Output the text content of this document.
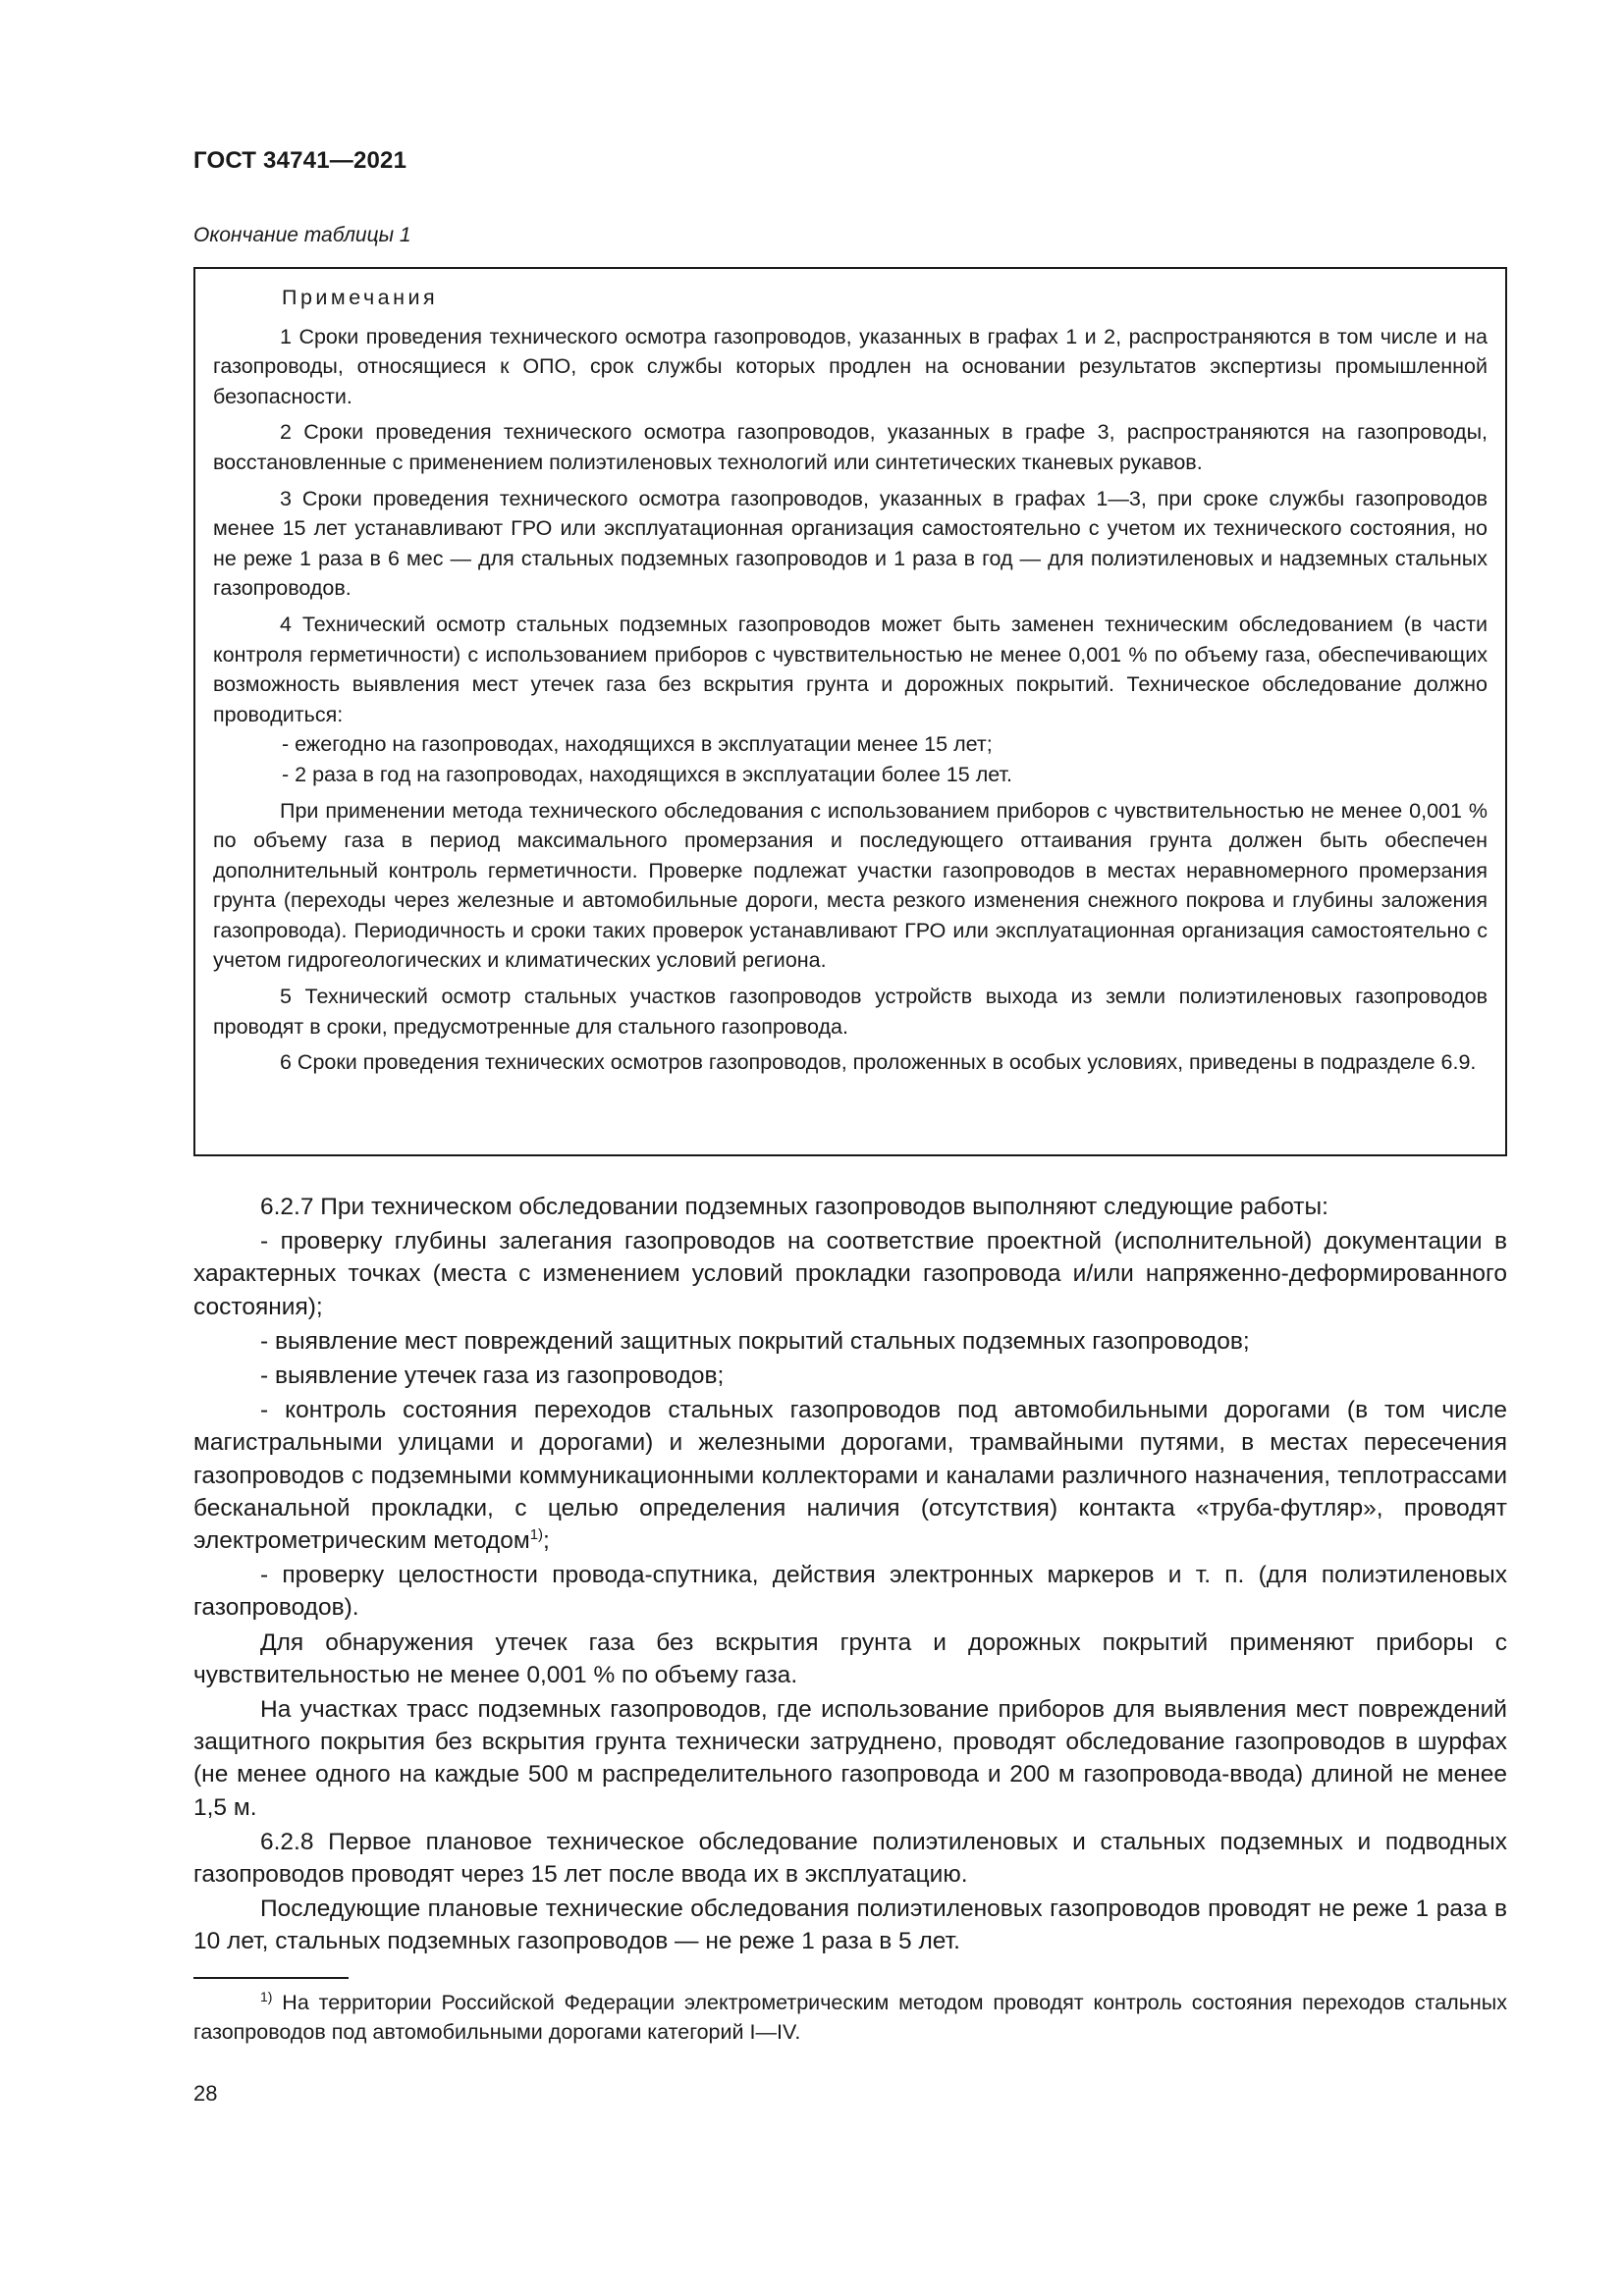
ГОСТ 34741—2021
Окончание таблицы 1
Примечания

1 Сроки проведения технического осмотра газопроводов, указанных в графах 1 и 2, распространяются в том числе и на газопроводы, относящиеся к ОПО, срок службы которых продлен на основании результатов экспертизы промышленной безопасности.

2 Сроки проведения технического осмотра газопроводов, указанных в графе 3, распространяются на газопроводы, восстановленные с применением полиэтиленовых технологий или синтетических тканевых рукавов.

3 Сроки проведения технического осмотра газопроводов, указанных в графах 1—3, при сроке службы газопроводов менее 15 лет устанавливают ГРО или эксплуатационная организация самостоятельно с учетом их технического состояния, но не реже 1 раза в 6 мес — для стальных подземных газопроводов и 1 раза в год — для полиэтиленовых и надземных стальных газопроводов.

4 Технический осмотр стальных подземных газопроводов может быть заменен техническим обследованием (в части контроля герметичности) с использованием приборов с чувствительностью не менее 0,001 % по объему газа, обеспечивающих возможность выявления мест утечек газа без вскрытия грунта и дорожных покрытий. Техническое обследование должно проводиться:

- ежегодно на газопроводах, находящихся в эксплуатации менее 15 лет;
- 2 раза в год на газопроводах, находящихся в эксплуатации более 15 лет.

При применении метода технического обследования с использованием приборов с чувствительностью не менее 0,001 % по объему газа в период максимального промерзания и последующего оттаивания грунта должен быть обеспечен дополнительный контроль герметичности. Проверке подлежат участки газопроводов в местах неравномерного промерзания грунта (переходы через железные и автомобильные дороги, места резкого изменения снежного покрова и глубины заложения газопровода). Периодичность и сроки таких проверок устанавливают ГРО или эксплуатационная организация самостоятельно с учетом гидрогеологических и климатических условий региона.

5 Технический осмотр стальных участков газопроводов устройств выхода из земли полиэтиленовых газопроводов проводят в сроки, предусмотренные для стального газопровода.

6 Сроки проведения технических осмотров газопроводов, проложенных в особых условиях, приведены в подразделе 6.9.

6.2.7 При техническом обследовании подземных газопроводов выполняют следующие работы:

- проверку глубины залегания газопроводов на соответствие проектной (исполнительной) документации в характерных точках (места с изменением условий прокладки газопровода и/или напряженно-деформированного состояния);

- выявление мест повреждений защитных покрытий стальных подземных газопроводов;

- выявление утечек газа из газопроводов;

- контроль состояния переходов стальных газопроводов под автомобильными дорогами (в том числе магистральными улицами и дорогами) и железными дорогами, трамвайными путями, в местах пересечения газопроводов с подземными коммуникационными коллекторами и каналами различного назначения, теплотрассами бесканальной прокладки, с целью определения наличия (отсутствия) контакта «труба-футляр», проводят электрометрическим методом$^{1)}$;

- проверку целостности провода-спутника, действия электронных маркеров и т. п. (для полиэтиленовых газопроводов).

Для обнаружения утечек газа без вскрытия грунта и дорожных покрытий применяют приборы с чувствительностью не менее 0,001 % по объему газа.

На участках трасс подземных газопроводов, где использование приборов для выявления мест повреждений защитного покрытия без вскрытия грунта технически затруднено, проводят обследование газопроводов в шурфах (не менее одного на каждые 500 м распределительного газопровода и 200 м газопровода-ввода) длиной не менее 1,5 м.

6.2.8 Первое плановое техническое обследование полиэтиленовых и стальных подземных и подводных газопроводов проводят через 15 лет после ввода их в эксплуатацию.

Последующие плановые технические обследования полиэтиленовых газопроводов проводят не реже 1 раза в 10 лет, стальных подземных газопроводов — не реже 1 раза в 5 лет.

$^{1)}$ На территории Российской Федерации электрометрическим методом проводят контроль состояния переходов стальных газопроводов под автомобильными дорогами категорий I—IV.

28
